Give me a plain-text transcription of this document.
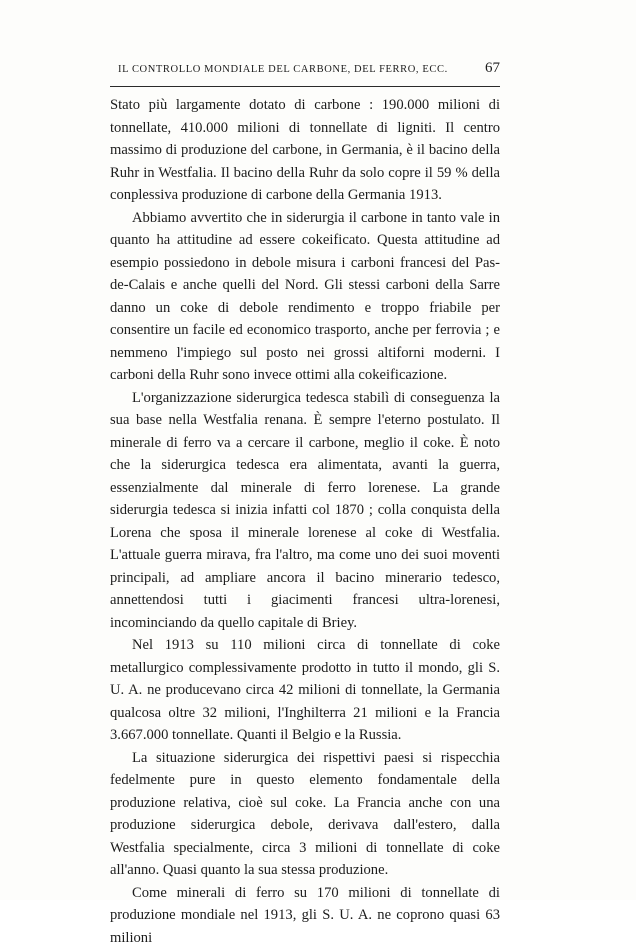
IL CONTROLLO MONDIALE DEL CARBONE, DEL FERRO, ECC. 67

Stato più largamente dotato di carbone : 190.000 milioni di tonnellate, 410.000 milioni di tonnellate di ligniti. Il centro massimo di produzione del carbone, in Germania, è il bacino della Ruhr in Westfalia. Il bacino della Ruhr da solo copre il 59 % della conplessiva produzione di carbone della Germania 1913.

Abbiamo avvertito che in siderurgia il carbone in tanto vale in quanto ha attitudine ad essere cokeificato. Questa attitudine ad esempio possiedono in debole misura i carboni francesi del Pas-de-Calais e anche quelli del Nord. Gli stessi carboni della Sarre danno un coke di debole rendimento e troppo friabile per consentire un facile ed economico trasporto, anche per ferrovia ; e nemmeno l'impiego sul posto nei grossi altiforni moderni. I carboni della Ruhr sono invece ottimi alla cokeificazione.

L'organizzazione siderurgica tedesca stabilì di conseguenza la sua base nella Westfalia renana. È sempre l'eterno postulato. Il minerale di ferro va a cercare il carbone, meglio il coke. È noto che la siderurgica tedesca era alimentata, avanti la guerra, essenzialmente dal minerale di ferro lorenese. La grande siderurgia tedesca si inizia infatti col 1870 ; colla conquista della Lorena che sposa il minerale lorenese al coke di Westfalia. L'attuale guerra mirava, fra l'altro, ma come uno dei suoi moventi principali, ad ampliare ancora il bacino minerario tedesco, annettendosi tutti i giacimenti francesi ultra-lorenesi, incominciando da quello capitale di Briey.

Nel 1913 su 110 milioni circa di tonnellate di coke metallurgico complessivamente prodotto in tutto il mondo, gli S. U. A. ne producevano circa 42 milioni di tonnellate, la Germania qualcosa oltre 32 milioni, l'Inghilterra 21 milioni e la Francia 3.667.000 tonnellate. Quanti il Belgio e la Russia.

La situazione siderurgica dei rispettivi paesi si rispecchia fedelmente pure in questo elemento fondamentale della produzione relativa, cioè sul coke. La Francia anche con una produzione siderurgica debole, derivava dall'estero, dalla Westfalia specialmente, circa 3 milioni di tonnellate di coke all'anno. Quasi quanto la sua stessa produzione.

Come minerali di ferro su 170 milioni di tonnellate di produzione mondiale nel 1913, gli S. U. A. ne coprono quasi 63 milioni
